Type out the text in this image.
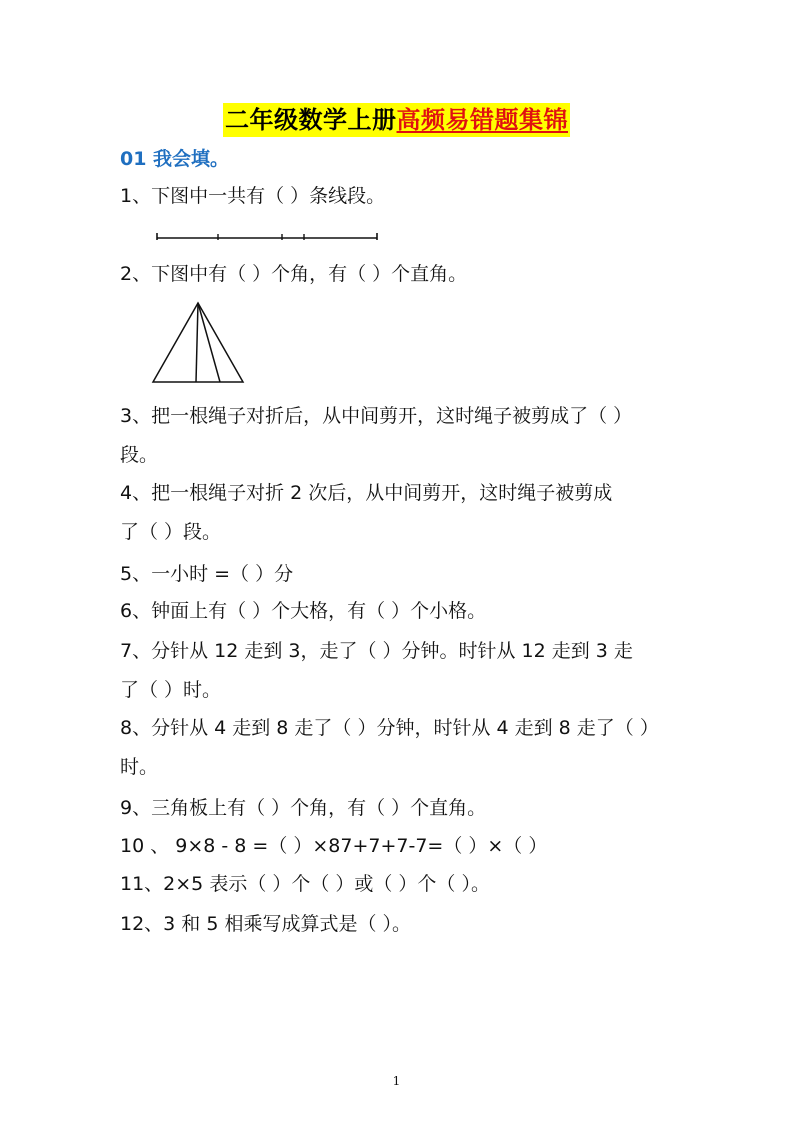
二年级数学上册高频易错题集锦
01 我会填。
1、下图中一共有（ ）条线段。
2、下图中有（ ）个角，有（ ）个直角。
3、把一根绳子对折后，从中间剪开，这时绳子被剪成了（ ）
段。
4、把一根绳子对折 2 次后，从中间剪开，这时绳子被剪成
了（ ）段。
5、一小时 =（ ）分
6、钟面上有（ ）个大格，有（ ）个小格。
7、分针从 12 走到 3，走了（ ）分钟。时针从 12 走到 3 走
了（ ）时。
8、分针从 4 走到 8 走了（ ）分钟，时针从 4 走到 8 走了（ ）
时。
9、三角板上有（ ）个角，有（ ）个直角。
10 、 9×8 - 8 =（ ）×87+7+7-7=（ ）×（ ）
11、2×5 表示（ ）个（ ）或（ ）个（ ）。
12、3 和 5 相乘写成算式是（ ）。
1
